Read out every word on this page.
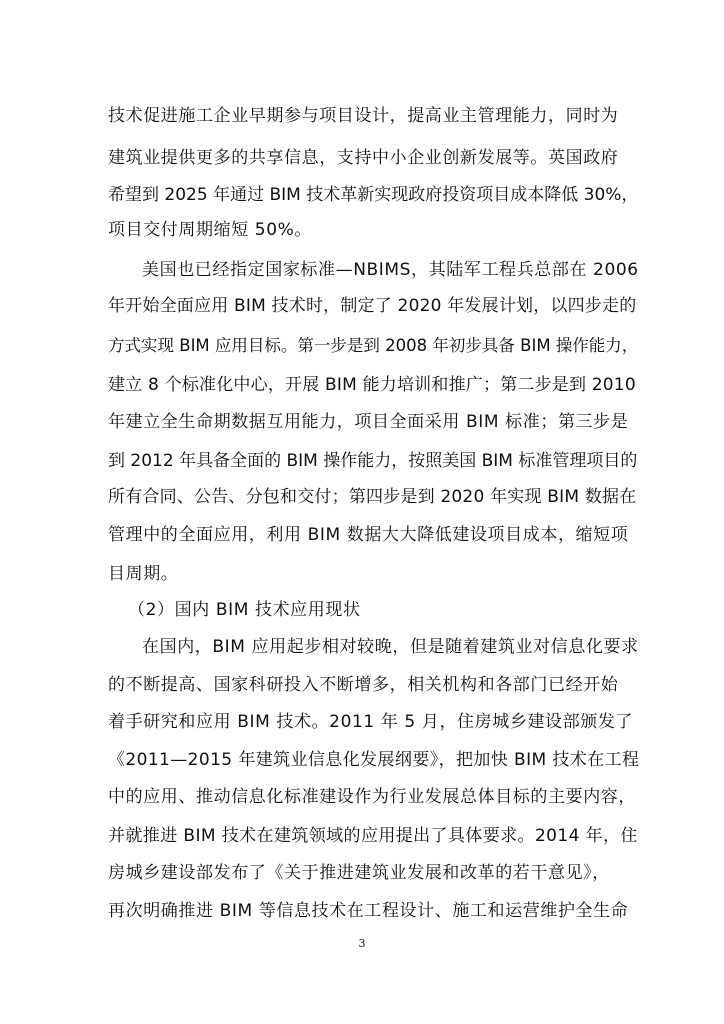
技术促进施工企业早期参与项目设计，提高业主管理能力，同时为
建筑业提供更多的共享信息，支持中小企业创新发展等。英国政府
希望到 2025 年通过 BIM 技术革新实现政府投资项目成本降低 30%，
项目交付周期缩短 50%。
美国也已经指定国家标准—NBIMS，其陆军工程兵总部在 2006
年开始全面应用 BIM 技术时，制定了 2020 年发展计划，以四步走的
方式实现 BIM 应用目标。第一步是到 2008 年初步具备 BIM 操作能力，
建立 8 个标准化中心，开展 BIM 能力培训和推广；第二步是到 2010
年建立全生命期数据互用能力，项目全面采用 BIM 标准；第三步是
到 2012 年具备全面的 BIM 操作能力，按照美国 BIM 标准管理项目的
所有合同、公告、分包和交付；第四步是到 2020 年实现 BIM 数据在
管理中的全面应用，利用 BIM 数据大大降低建设项目成本，缩短项
目周期。
（2）国内 BIM 技术应用现状
在国内，BIM 应用起步相对较晚，但是随着建筑业对信息化要求
的不断提高、国家科研投入不断增多，相关机构和各部门已经开始
着手研究和应用 BIM 技术。2011 年 5 月，住房城乡建设部颁发了
《2011—2015 年建筑业信息化发展纲要》，把加快 BIM 技术在工程
中的应用、推动信息化标准建设作为行业发展总体目标的主要内容，
并就推进 BIM 技术在建筑领域的应用提出了具体要求。2014 年，住
房城乡建设部发布了《关于推进建筑业发展和改革的若干意见》，
再次明确推进 BIM 等信息技术在工程设计、施工和运营维护全生命
3
